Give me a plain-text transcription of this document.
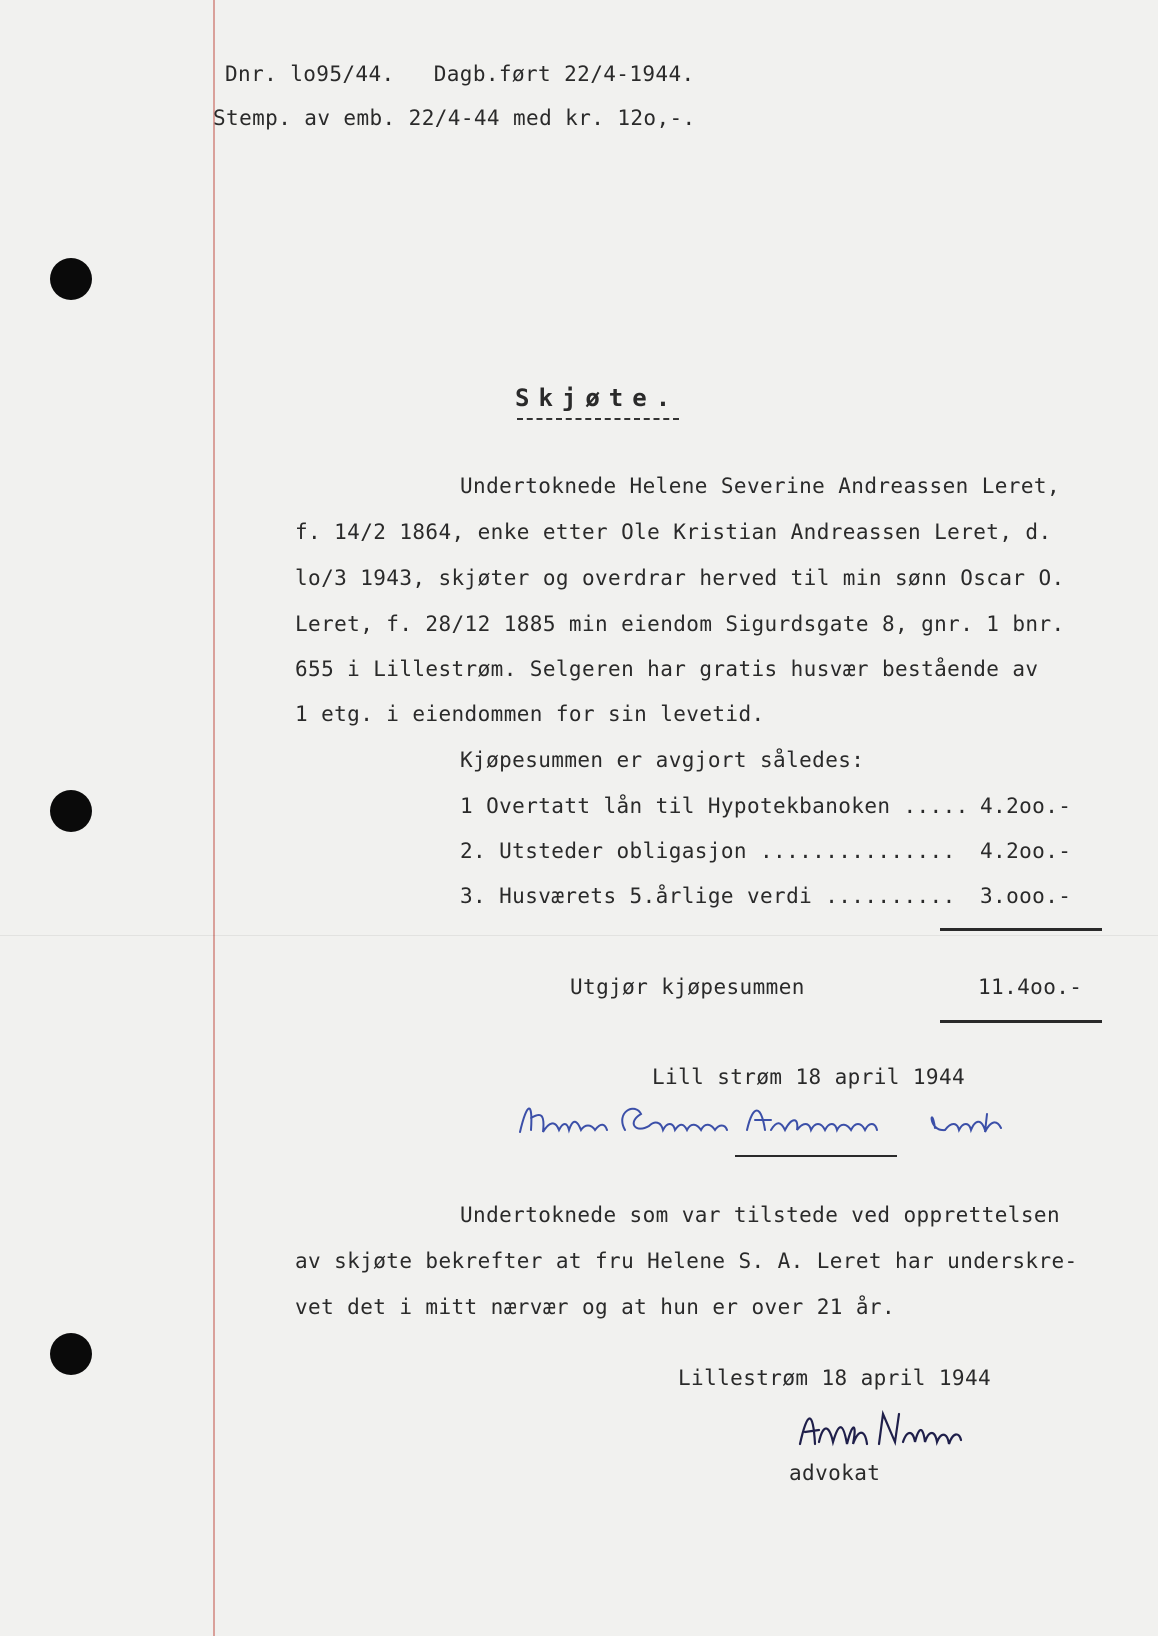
Dnr. lo95/44.   Dagb.ført 22/4-1944.
Stemp. av emb. 22/4-44 med kr. 12o,-.
Skjøte.
Undertoknede Helene Severine Andreassen Leret,
f. 14/2 1864, enke etter Ole Kristian Andreassen Leret, d.
lo/3 1943, skjøter og overdrar herved til min sønn Oscar O.
Leret, f. 28/12 1885 min eiendom Sigurdsgate 8, gnr. 1 bnr.
655 i Lillestrøm. Selgeren har gratis husvær bestående av
1 etg. i eiendommen for sin levetid.
Kjøpesummen er avgjort således:
1 Overtatt lån til Hypotekbanoken ..... 4.2oo.-
2. Utsteder obligasjon ............... 4.2oo.-
3. Husværets 5.årlige verdi .......... 3.ooo.-
Utgjør kjøpesummen	11.4oo.-
Lill strøm 18 april 1944
Undertoknede som var tilstede ved opprettelsen
av skjøte bekrefter at fru Helene S. A. Leret har underskre-
vet det i mitt nærvær og at hun er over 21 år.
Lillestrøm 18 april 1944
advokat
